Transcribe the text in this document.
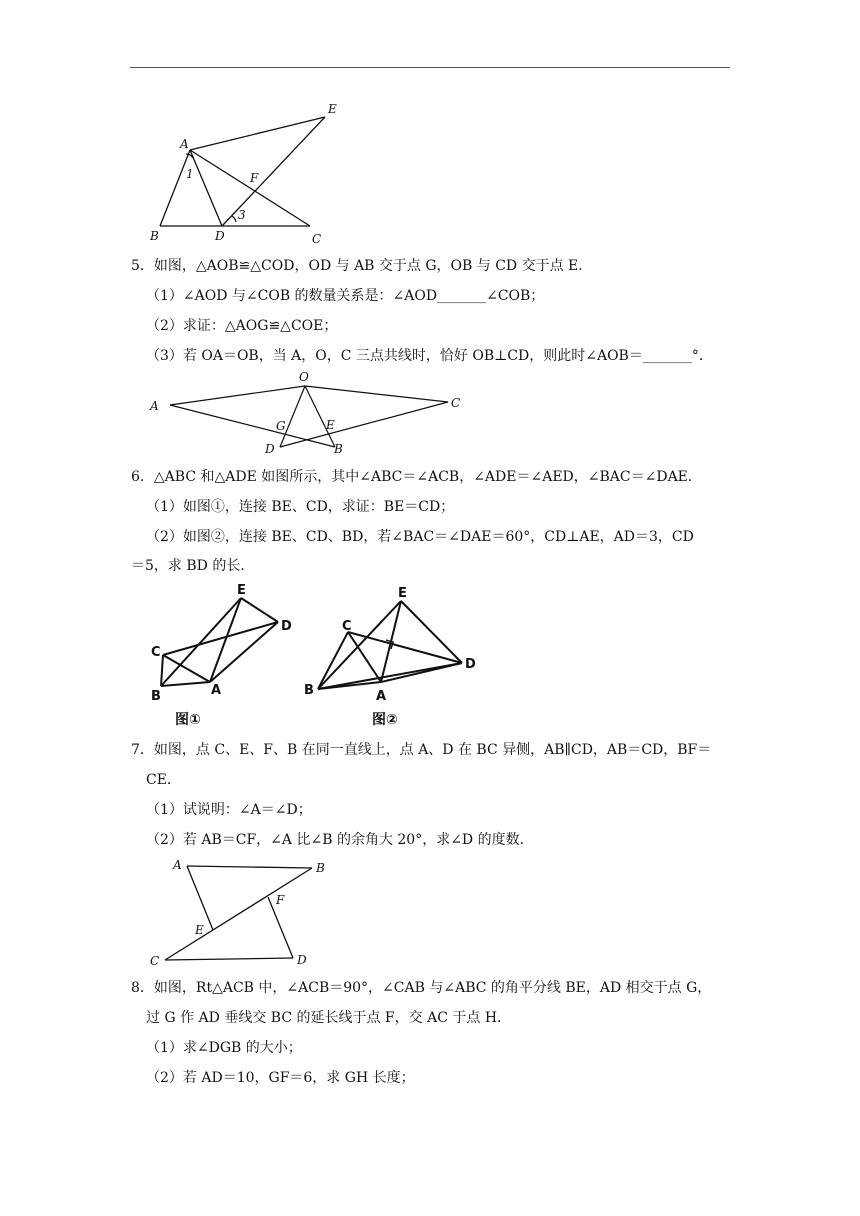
A
E
1	F
3
B	D	C
5．如图，△AOB≌△COD，OD 与 AB 交于点 G，OB 与 CD 交于点 E．
（1）∠AOD 与∠COB 的数量关系是：∠AOD_______∠COB；
（2）求证：△AOG≌△COE；
（3）若 OA＝OB，当 A，O，C 三点共线时，恰好 OB⊥CD，则此时∠AOB＝_______°．
A
O
C
G	E
D	B
6．△ABC 和△ADE 如图所示，其中∠ABC＝∠ACB，∠ADE＝∠AED，∠BAC＝∠DAE．
（1）如图①，连接 BE、CD，求证：BE＝CD；
（2）如图②，连接 BE、CD、BD，若∠BAC＝∠DAE＝60°，CD⊥AE，AD＝3，CD
＝5，求 BD 的长．
E
D
C
B	A
图①
E
C
D
B	A
图②
7．如图，点 C、E、F、B 在同一直线上，点 A、D 在 BC 异侧，AB∥CD，AB＝CD，BF＝
CE．
（1）试说明：∠A＝∠D；
（2）若 AB＝CF，∠A 比∠B 的余角大 20°，求∠D 的度数．
A	B
F
E
C	D
8．如图，Rt△ACB 中，∠ACB＝90°，∠CAB 与∠ABC 的角平分线 BE，AD 相交于点 G，
过 G 作 AD 垂线交 BC 的延长线于点 F，交 AC 于点 H．
（1）求∠DGB 的大小；
（2）若 AD＝10，GF＝6，求 GH 长度；
